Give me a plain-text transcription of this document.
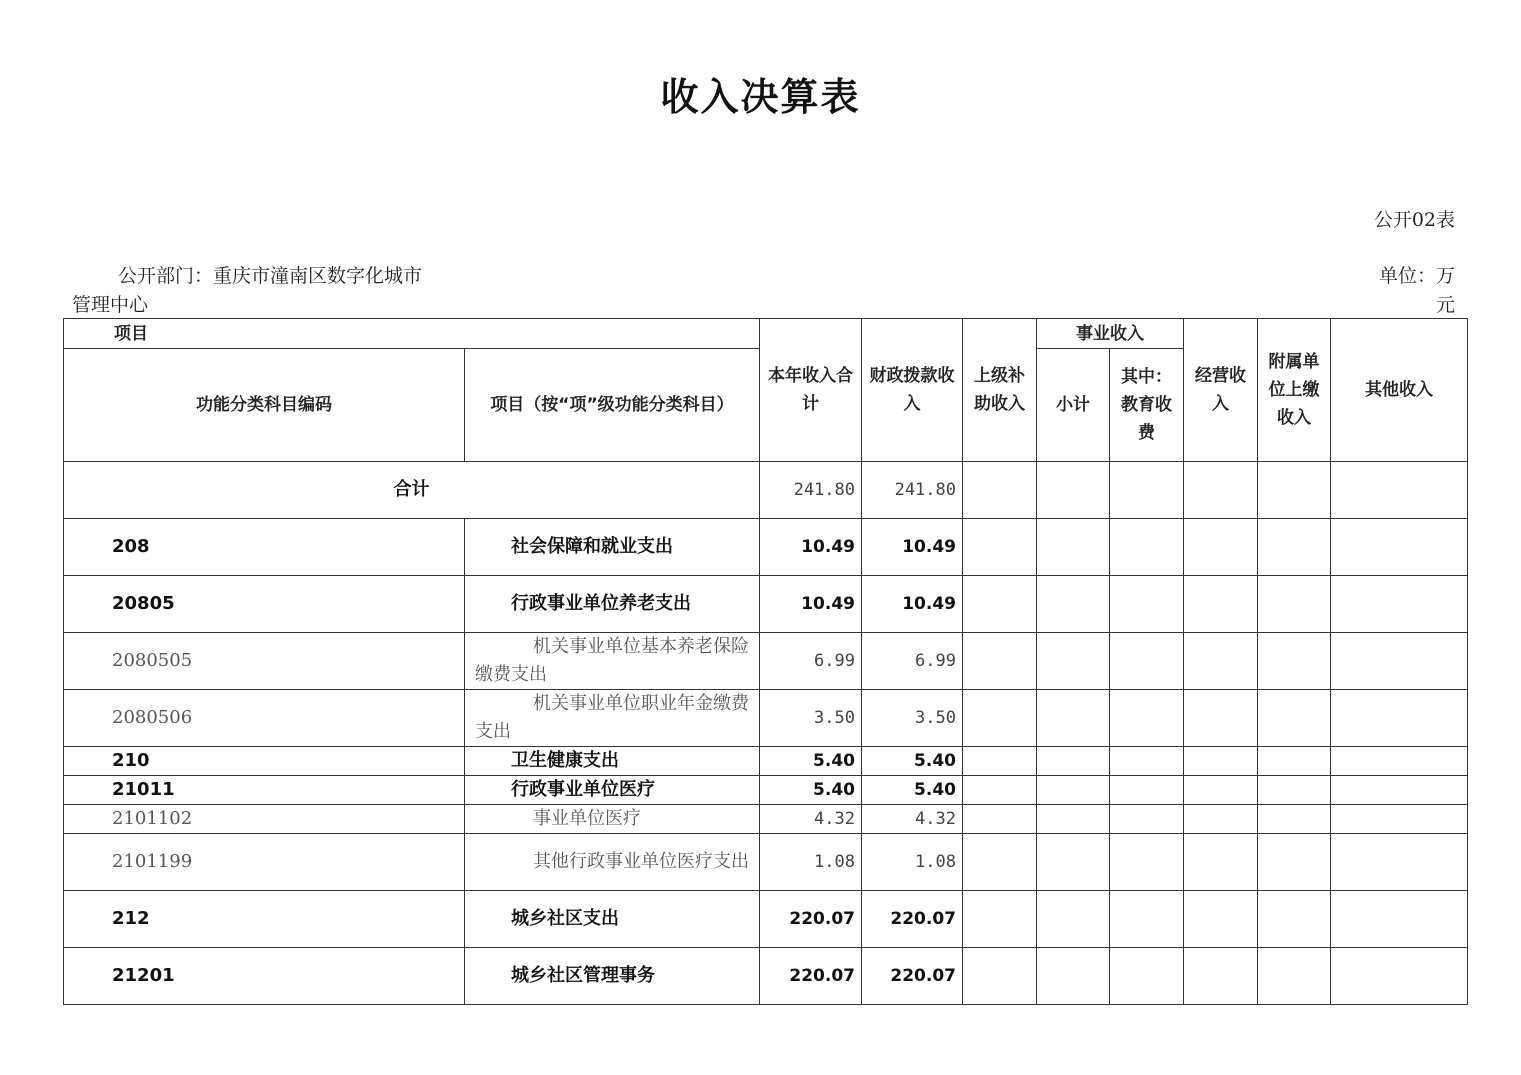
收入决算表
公开02表
公开部门：重庆市潼南区数字化城市管理中心
单位：万元
项目		本年收入合计	财政拨款收入	上级补助收入	事业收入		经营收入	附属单位上缴收入	其他收入
功能分类科目编码	项目（按“项”级功能分类科目）				小计	其中：教育收费			
合计		241.80	241.80						
208	社会保障和就业支出	10.49	10.49						
20805	行政事业单位养老支出	10.49	10.49						
2080505	机关事业单位基本养老保险缴费支出	6.99	6.99						
2080506	机关事业单位职业年金缴费支出	3.50	3.50						
210	卫生健康支出	5.40	5.40						
21011	行政事业单位医疗	5.40	5.40						
2101102	事业单位医疗	4.32	4.32						
2101199	其他行政事业单位医疗支出	1.08	1.08						
212	城乡社区支出	220.07	220.07						
21201	城乡社区管理事务	220.07	220.07						
